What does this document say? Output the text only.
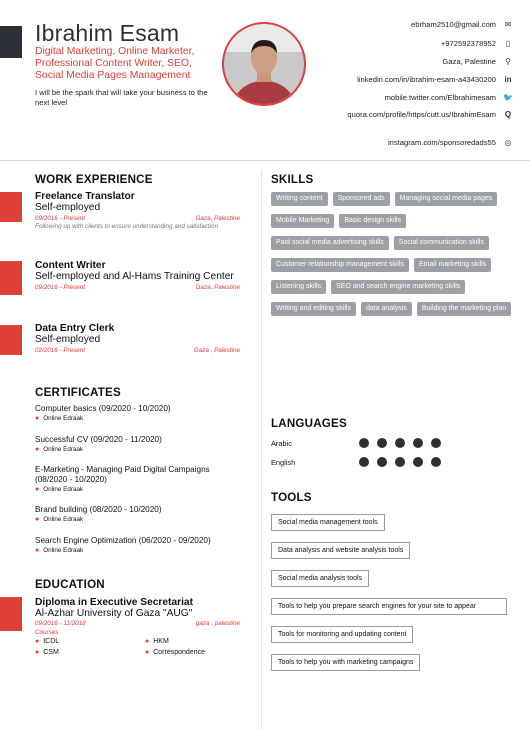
Ibrahim Esam
Digital Marketing, Online Marketer, Professional Content Writer, SEO, Social Media Pages Management
I will be the spark that will take your business to the next level
ebrham2510@gmail.com	✉
+972592378952	▯
Gaza, Palestine	⚲
linkedin.com/in/ibrahim-esam-a43430200	in
mobile.twitter.com/Elbrahimesam 🐦
quora.com/profile/https/cutt.us/IbrahimEsam	Q
instagram.com/sponsoredads55	◎
WORK EXPERIENCE
Freelance Translator
Self-employed
09/2016 - Present	Gaza, Palestine
Following up with clients to ensure understanding and satisfaction
Content Writer
Self-employed and Al-Hams Training Center
09/2016 - Present	Gaza, Palestine
Data Entry Clerk
Self-employed
02/2016 - Present	Gaza , Palestine
CERTIFICATES
Computer basics (09/2020 - 10/2020)
● Online Edraak
Successful CV (09/2020 - 11/2020)
● Online Edraak
E-Marketing - Managing Paid Digital Campaigns (08/2020 - 10/2020)
● Online Edraak
Brand building (08/2020 - 10/2020)
● Online Edraak
Search Engine Optimization (06/2020 - 09/2020)
● Online Edraak
EDUCATION
Diploma in Executive Secretariat
Al-Azhar University of Gaza "AUG"
09/2016 - 11/2018	gaza , palestine
Courses
● ICDL	● HKM
● CSM	● Correspondence
SKILLS
Writing content	Sponsored ads	Managing social media pages
Mobile Marketing	Basic design skills
Paid social media advertising skills	Social communication skills
Customer relationship management skills	Email marketing skills
Listening skills	SEO and search engine marketing skills
Writing and editing skills	data analysis	Building the marketing plan
LANGUAGES
Arabic
English
TOOLS
Social media management tools
Data analysis and website analysis tools
Social media analysis tools
Tools to help you prepare search engines for your site to appear
Tools for monitoring and updating content
Tools to help you with marketing campaigns
